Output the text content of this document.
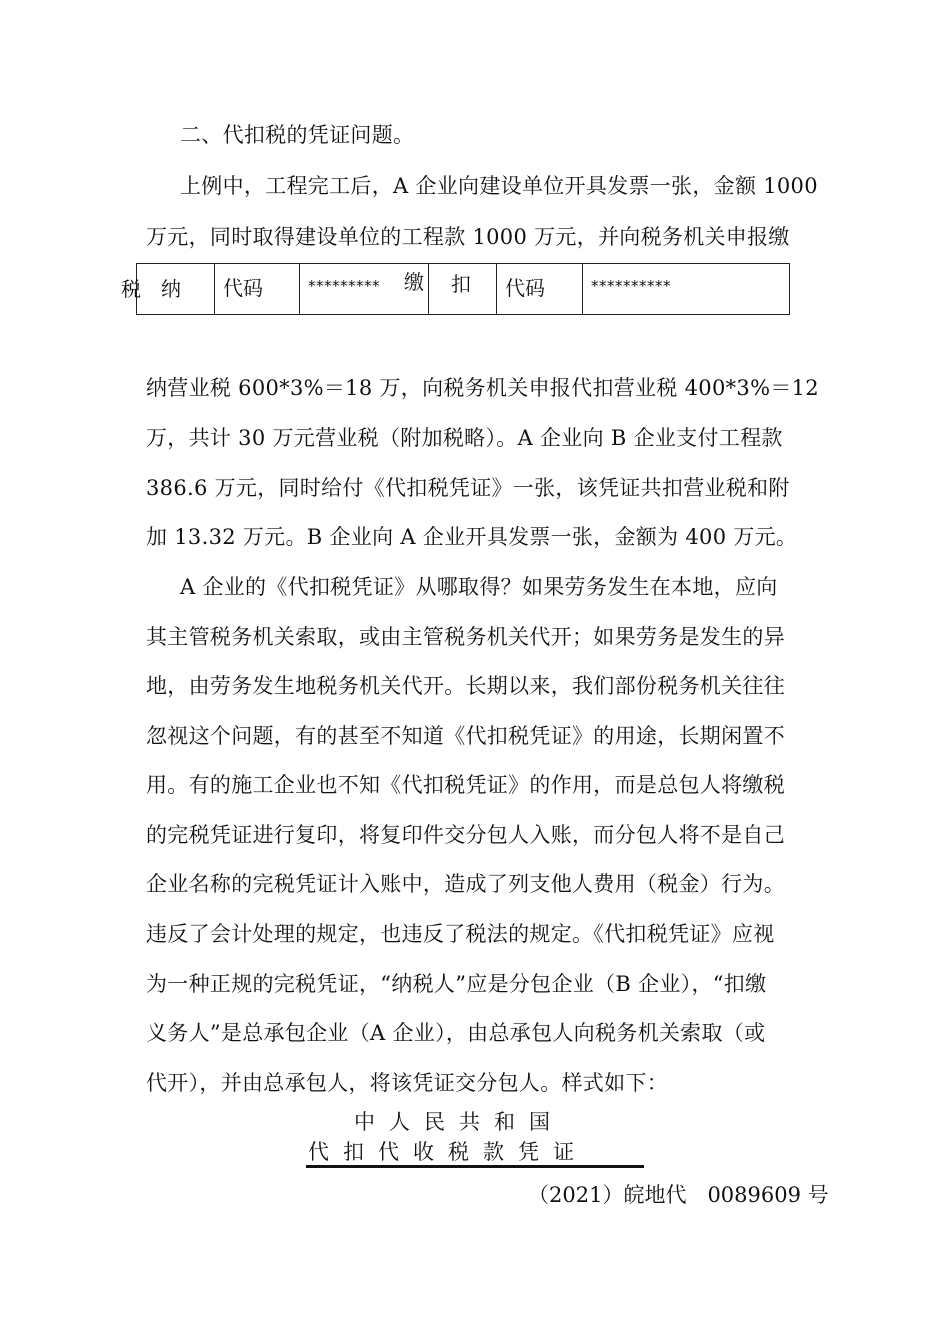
二、代扣税的凭证问题。
上例中，工程完工后，A 企业向建设单位开具发票一张，金额 1000
万元，同时取得建设单位的工程款 1000 万元，并向税务机关申报缴
税　纳	代码	********* 缴 扣	代码	**********
纳营业税 600*3%＝18 万，向税务机关申报代扣营业税 400*3%＝12
万，共计 30 万元营业税（附加税略）。A 企业向 B 企业支付工程款
386.6 万元，同时给付《代扣税凭证》一张，该凭证共扣营业税和附
加 13.32 万元。B 企业向 A 企业开具发票一张，金额为 400 万元。
A 企业的《代扣税凭证》从哪取得？如果劳务发生在本地，应向
其主管税务机关索取，或由主管税务机关代开；如果劳务是发生的异
地，由劳务发生地税务机关代开。长期以来，我们部份税务机关往往
忽视这个问题，有的甚至不知道《代扣税凭证》的用途，长期闲置不
用。有的施工企业也不知《代扣税凭证》的作用，而是总包人将缴税
的完税凭证进行复印，将复印件交分包人入账，而分包人将不是自己
企业名称的完税凭证计入账中，造成了列支他人费用（税金）行为。
违反了会计处理的规定，也违反了税法的规定。《代扣税凭证》应视
为一种正规的完税凭证，“纳税人”应是分包企业（B 企业），“扣缴
义务人”是总承包企业（A 企业），由总承包人向税务机关索取（或
代开），并由总承包人，将该凭证交分包人。样式如下：
中人民共和国
代扣代收税款凭证
（2021）皖地代　0089609 号
